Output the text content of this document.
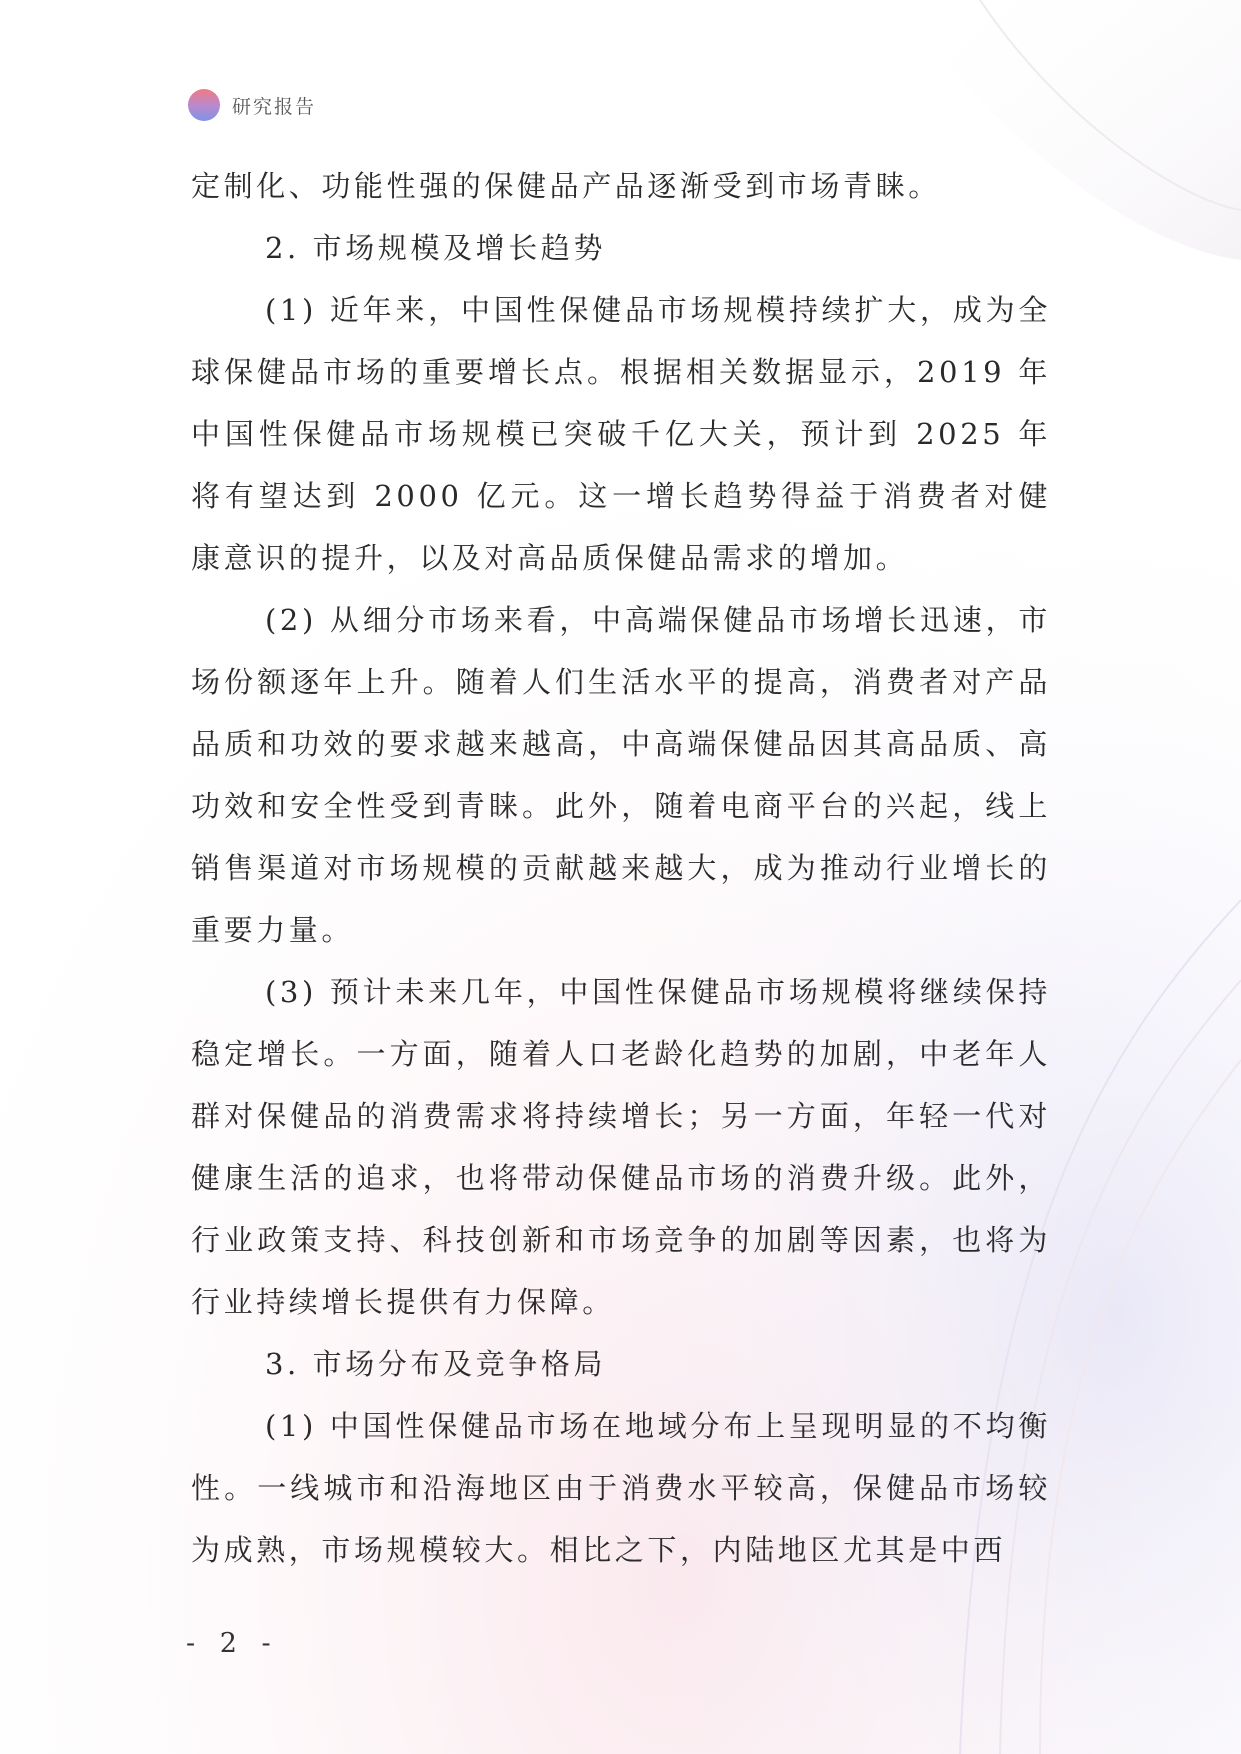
研究报告

定制化、功能性强的保健品产品逐渐受到市场青睐。

2. 市场规模及增长趋势

(1) 近年来，中国性保健品市场规模持续扩大，成为全球保健品市场的重要增长点。根据相关数据显示，2019 年中国性保健品市场规模已突破千亿大关，预计到 2025 年将有望达到 2000 亿元。这一增长趋势得益于消费者对健康意识的提升，以及对高品质保健品需求的增加。

(2) 从细分市场来看，中高端保健品市场增长迅速，市场份额逐年上升。随着人们生活水平的提高，消费者对产品品质和功效的要求越来越高，中高端保健品因其高品质、高功效和安全性受到青睐。此外，随着电商平台的兴起，线上销售渠道对市场规模的贡献越来越大，成为推动行业增长的重要力量。

(3) 预计未来几年，中国性保健品市场规模将继续保持稳定增长。一方面，随着人口老龄化趋势的加剧，中老年人群对保健品的消费需求将持续增长；另一方面，年轻一代对健康生活的追求，也将带动保健品市场的消费升级。此外，行业政策支持、科技创新和市场竞争的加剧等因素，也将为行业持续增长提供有力保障。

3. 市场分布及竞争格局

(1) 中国性保健品市场在地域分布上呈现明显的不均衡性。一线城市和沿海地区由于消费水平较高，保健品市场较为成熟，市场规模较大。相比之下，内陆地区尤其是中西

- 2 -
